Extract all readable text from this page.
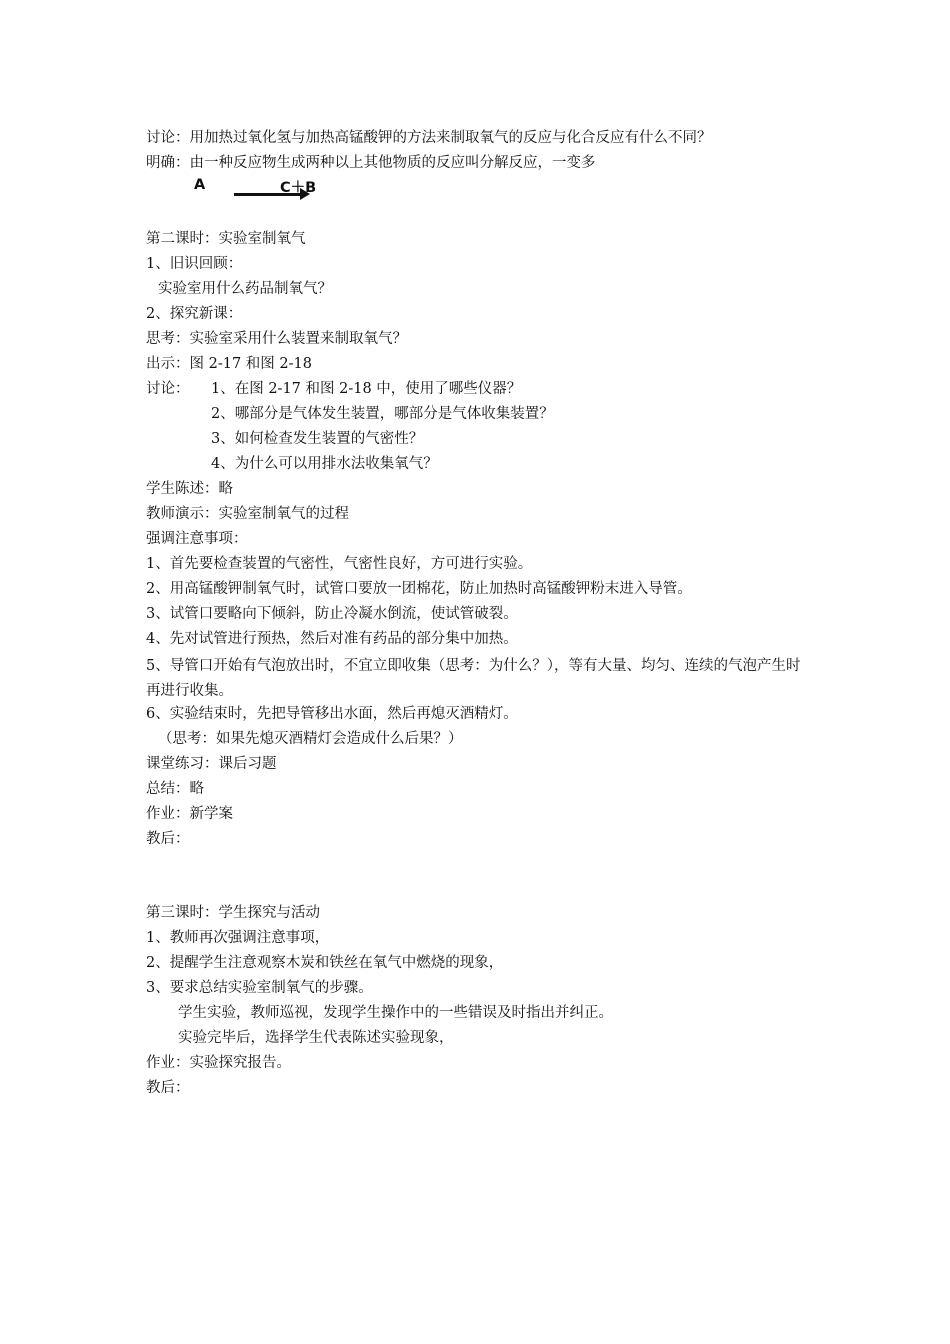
讨论：用加热过氧化氢与加热高锰酸钾的方法来制取氧气的反应与化合反应有什么不同？
明确：由一种反应物生成两种以上其他物质的反应叫分解反应，一变多
A	C＋B
第二课时：实验室制氧气
1、旧识回顾：
实验室用什么药品制氧气？
2、探究新课：
思考：实验室采用什么装置来制取氧气？
出示：图 2-17 和图 2-18
讨论： 1、在图 2-17 和图 2-18 中，使用了哪些仪器？
2、哪部分是气体发生装置，哪部分是气体收集装置？
3、如何检查发生装置的气密性？
4、为什么可以用排水法收集氧气？
学生陈述：略
教师演示：实验室制氧气的过程
强调注意事项：
1、首先要检查装置的气密性，气密性良好，方可进行实验。
2、用高锰酸钾制氧气时，试管口要放一团棉花，防止加热时高锰酸钾粉末进入导管。
3、试管口要略向下倾斜，防止冷凝水倒流，使试管破裂。
4、先对试管进行预热，然后对准有药品的部分集中加热。
5、导管口开始有气泡放出时，不宜立即收集（思考：为什么？），等有大量、均匀、连续的气泡产生时再进行收集。
6、实验结束时，先把导管移出水面，然后再熄灭酒精灯。
（思考：如果先熄灭酒精灯会造成什么后果？）
课堂练习：课后习题
总结：略
作业：新学案
教后：
第三课时：学生探究与活动
1、教师再次强调注意事项，
2、提醒学生注意观察木炭和铁丝在氧气中燃烧的现象，
3、要求总结实验室制氧气的步骤。
学生实验，教师巡视，发现学生操作中的一些错误及时指出并纠正。
实验完毕后，选择学生代表陈述实验现象，
作业：实验探究报告。
教后：
